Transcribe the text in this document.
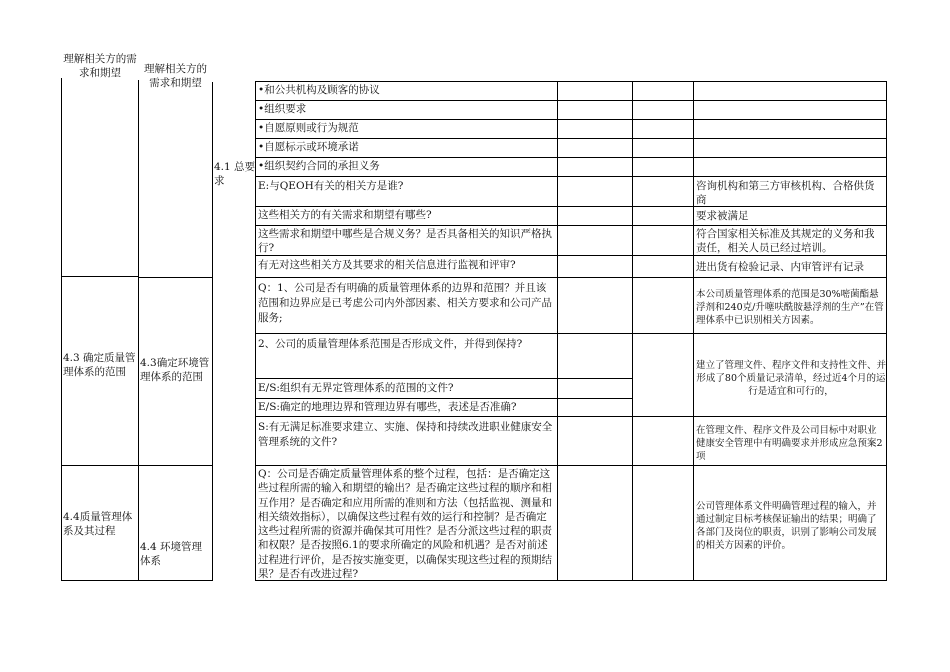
理解相关方的需求和期望
4.3 确定质量管理体系的范围
4.4质量管理体系及其过程
理解相关方的需求和期望
4.3确定环境管理体系的范围
4.4 环境管理体系
4.1 总要求
•和公共机构及顾客的协议
•组织要求
•自愿原则或行为规范
•自愿标示或环境承诺
•组织契约合同的承担义务
E:与QEOH有关的相关方是谁?
这些相关方的有关需求和期望有哪些?
这些需求和期望中哪些是合规义务？是否具备相关的知识严格执行?
有无对这些相关方及其要求的相关信息进行监视和评审?
Q：1、公司是否有明确的质量管理体系的边界和范围？并且该范围和边界应是已考虑公司内外部因素、相关方要求和公司产品服务;
2、公司的质量管理体系范围是否形成文件，并得到保持?
E/S:组织有无界定管理体系的范围的文件?
E/S:确定的地理边界和管理边界有哪些，表述是否准确?
S:有无满足标准要求建立、实施、保持和持续改进职业健康安全管理系统的文件?
Q：公司是否确定质量管理体系的整个过程，包括：是否确定这些过程所需的输入和期望的输出？是否确定这些过程的顺序和相互作用？是否确定和应用所需的准则和方法（包括监视、测量和相关绩效指标），以确保这些过程有效的运行和控制？是否确定这些过程所需的资源并确保其可用性？是否分派这些过程的职责和权限？是否按照6.1的要求所确定的风险和机遇？是否对前述过程进行评价，是否按实施变更，以确保实现这些过程的预期结果？是否有改进过程?
咨询机构和第三方审核机构、合格供货商
要求被满足
符合国家相关标准及其规定的义务和我责任，相关人员已经过培训。
进出货有检验记录、内审管评有记录
本公司质量管理体系的范围是30%嘧菌酯悬浮剂和240克/升噻呋酰胺悬浮剂的生产”在管理体系中已识别相关方因素。
建立了管理文件、程序文件和支持性文件、并形成了80个质量记录清单，经过近4个月的运行是适宜和可行的，
在管理文件、程序文件及公司目标中对职业健康安全管理中有明确要求并形成应急预案2项
公司管理体系文件明确管理过程的输入，并通过制定目标考核保证输出的结果；明确了各部门及岗位的职责，识别了影响公司发展的相关方因素的评价。
